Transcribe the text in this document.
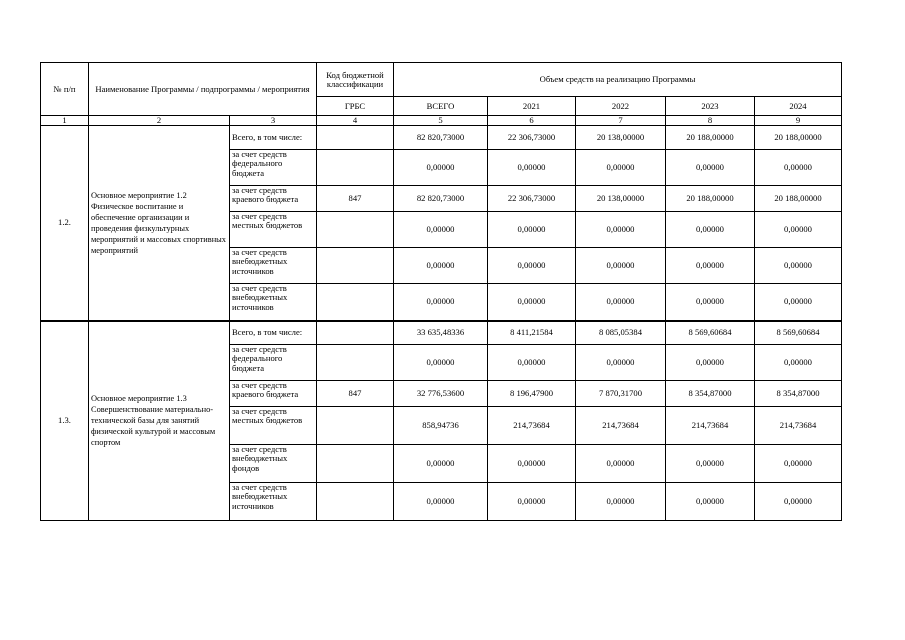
№ п/п	Наименование Программы / подпрограммы / мероприятия		Код бюджетной классификации	Объем средств на реализацию Программы				
			ГРБС	ВСЕГО	2021	2022	2023	2024
1	2	3	4	5	6	7	8	9
1.2.	Основное мероприятие 1.2 Физическое воспитание и обеспечение организации и проведения физкультурных мероприятий и массовых спортивных мероприятий	Всего, в том числе:		82 820,73000	22 306,73000	20 138,00000	20 188,00000	20 188,00000
		за счет средств федерального бюджета		0,00000	0,00000	0,00000	0,00000	0,00000
		за счет средств краевого бюджета	847	82 820,73000	22 306,73000	20 138,00000	20 188,00000	20 188,00000
		за счет средств местных бюджетов		0,00000	0,00000	0,00000	0,00000	0,00000
		за счет средств внебюджетных источников		0,00000	0,00000	0,00000	0,00000	0,00000
		за счет средств внебюджетных источников		0,00000	0,00000	0,00000	0,00000	0,00000
1.3.	Основное мероприятие 1.3 Совершенствование материально-технической базы для занятий физической культурой и массовым спортом	Всего, в том числе:		33 635,48336	8 411,21584	8 085,05384	8 569,60684	8 569,60684
		за счет средств федерального бюджета		0,00000	0,00000	0,00000	0,00000	0,00000
		за счет средств краевого бюджета	847	32 776,53600	8 196,47900	7 870,31700	8 354,87000	8 354,87000
		за счет средств местных бюджетов		858,94736	214,73684	214,73684	214,73684	214,73684
		за счет средств внебюджетных фондов		0,00000	0,00000	0,00000	0,00000	0,00000
		за счет средств внебюджетных источников		0,00000	0,00000	0,00000	0,00000	0,00000
